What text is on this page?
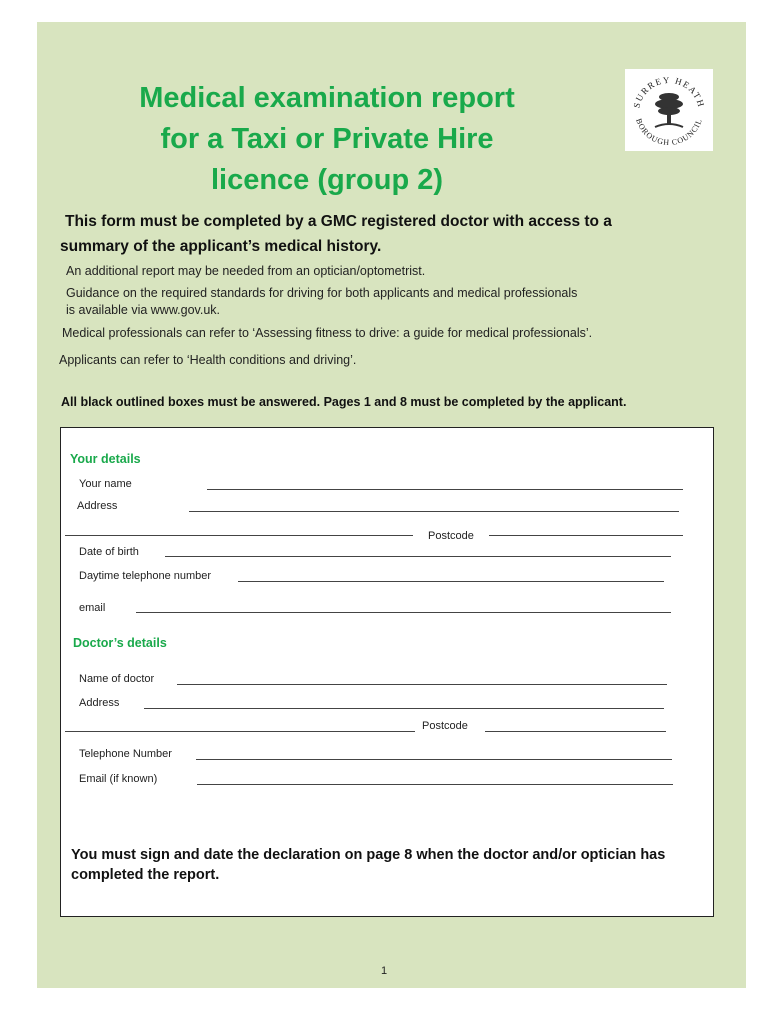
Medical examination report
for a Taxi or Private Hire
licence (group 2)
SURREY HEATH
BOROUGH COUNCIL
This form must be completed by a GMC registered doctor with access to a
summary of the applicant’s medical history.
An additional report may be needed from an optician/optometrist.
Guidance on the required standards for driving for both applicants and medical professionals
is available via www.gov.uk.
Medical professionals can refer to ‘Assessing fitness to drive: a guide for medical professionals’.
Applicants can refer to ‘Health conditions and driving’.
All black outlined boxes must be answered. Pages 1 and 8 must be completed by the applicant.
Your details
Your name
Address
Postcode
Date of birth
Daytime telephone number
email
Doctor’s details
Name of doctor
Address
Postcode
Telephone Number
Email (if known)
You must sign and date the declaration on page 8 when the doctor and/or optician has completed the report.
1
